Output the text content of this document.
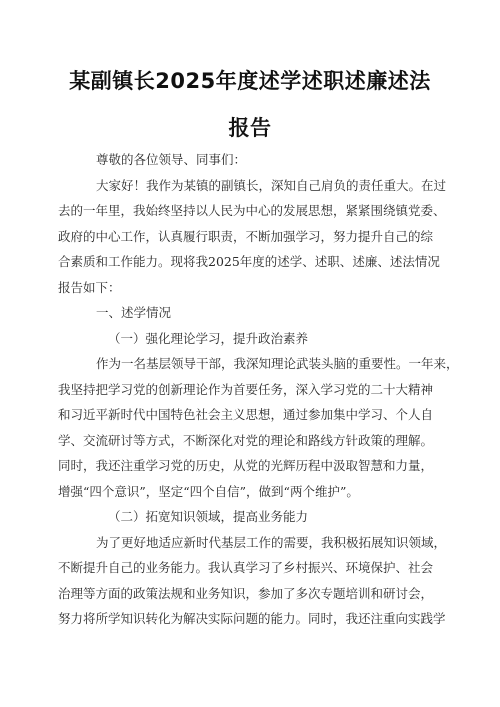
某副镇长2025年度述学述职述廉述法
报告

尊敬的各位领导、同事们：

大家好！我作为某镇的副镇长，深知自己肩负的责任重大。在过

去的一年里，我始终坚持以人民为中心的发展思想，紧紧围绕镇党委、

政府的中心工作，认真履行职责，不断加强学习，努力提升自己的综

合素质和工作能力。现将我2025年度的述学、述职、述廉、述法情况

报告如下：

一、述学情况

（一）强化理论学习，提升政治素养

作为一名基层领导干部，我深知理论武装头脑的重要性。一年来，

我坚持把学习党的创新理论作为首要任务，深入学习党的二十大精神

和习近平新时代中国特色社会主义思想，通过参加集中学习、个人自

学、交流研讨等方式，不断深化对党的理论和路线方针政策的理解。

同时，我还注重学习党的历史，从党的光辉历程中汲取智慧和力量，

增强“四个意识”，坚定“四个自信”，做到“两个维护”。

（二）拓宽知识领域，提高业务能力

为了更好地适应新时代基层工作的需要，我积极拓展知识领域，

不断提升自己的业务能力。我认真学习了乡村振兴、环境保护、社会

治理等方面的政策法规和业务知识，参加了多次专题培训和研讨会，

努力将所学知识转化为解决实际问题的能力。同时，我还注重向实践学
